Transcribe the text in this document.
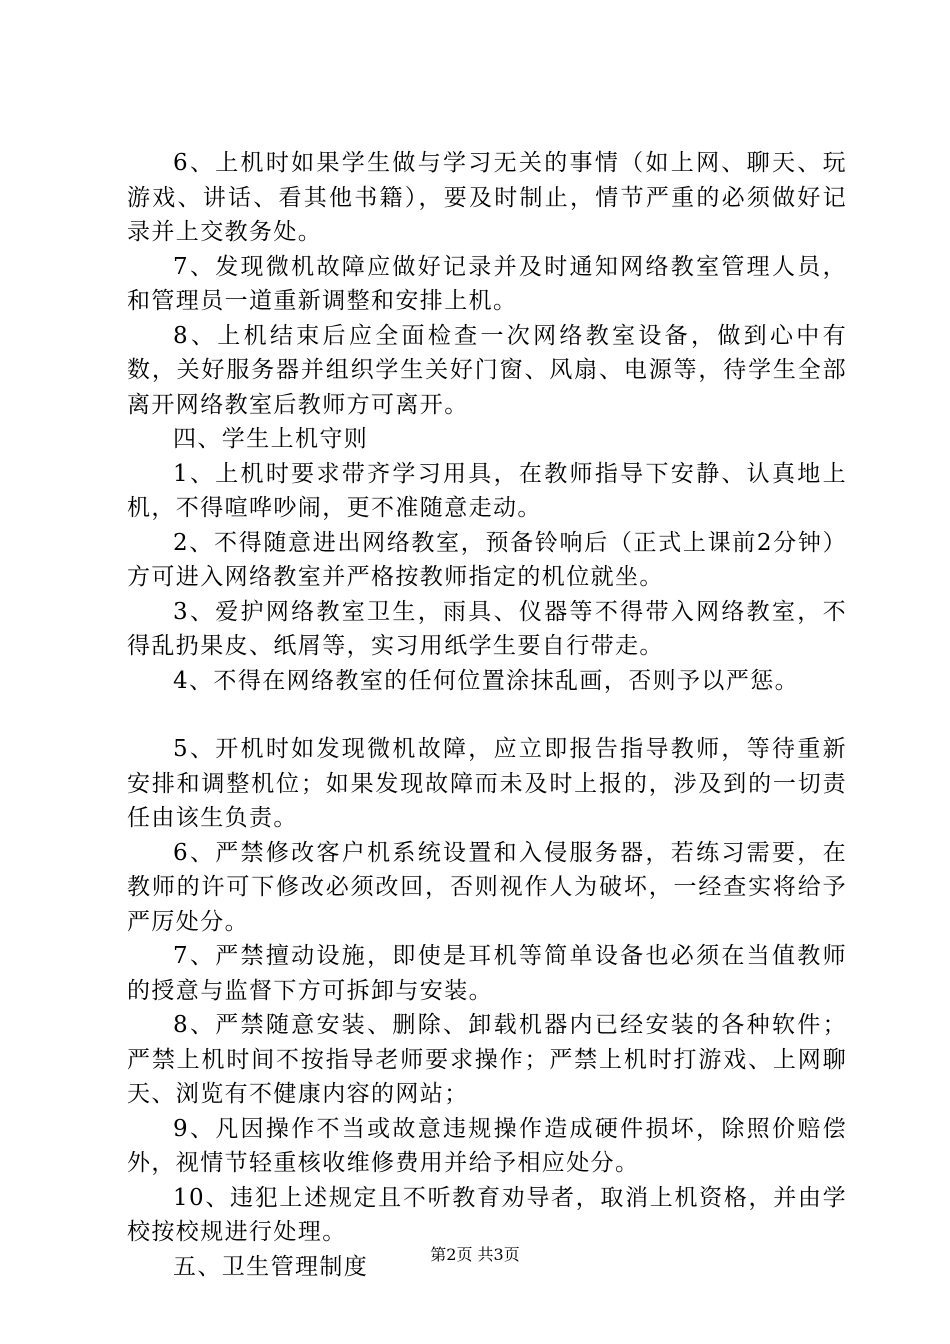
6、上机时如果学生做与学习无关的事情（如上网、聊天、玩游戏、讲话、看其他书籍），要及时制止，情节严重的必须做好记录并上交教务处。

7、发现微机故障应做好记录并及时通知网络教室管理人员，和管理员一道重新调整和安排上机。

8、上机结束后应全面检查一次网络教室设备，做到心中有数，关好服务器并组织学生关好门窗、风扇、电源等，待学生全部离开网络教室后教师方可离开。

四、学生上机守则

1、上机时要求带齐学习用具，在教师指导下安静、认真地上机，不得喧哗吵闹，更不准随意走动。

2、不得随意进出网络教室，预备铃响后（正式上课前2分钟）方可进入网络教室并严格按教师指定的机位就坐。

3、爱护网络教室卫生，雨具、仪器等不得带入网络教室，不得乱扔果皮、纸屑等，实习用纸学生要自行带走。

4、不得在网络教室的任何位置涂抹乱画，否则予以严惩。

5、开机时如发现微机故障，应立即报告指导教师，等待重新安排和调整机位；如果发现故障而未及时上报的，涉及到的一切责任由该生负责。

6、严禁修改客户机系统设置和入侵服务器，若练习需要，在教师的许可下修改必须改回，否则视作人为破坏，一经查实将给予严厉处分。

7、严禁擅动设施，即使是耳机等简单设备也必须在当值教师的授意与监督下方可拆卸与安装。

8、严禁随意安装、删除、卸载机器内已经安装的各种软件；严禁上机时间不按指导老师要求操作；严禁上机时打游戏、上网聊天、浏览有不健康内容的网站；

9、凡因操作不当或故意违规操作造成硬件损坏，除照价赔偿外，视情节轻重核收维修费用并给予相应处分。

10、违犯上述规定且不听教育劝导者，取消上机资格，并由学校按校规进行处理。

五、卫生管理制度	第2页 共3页
